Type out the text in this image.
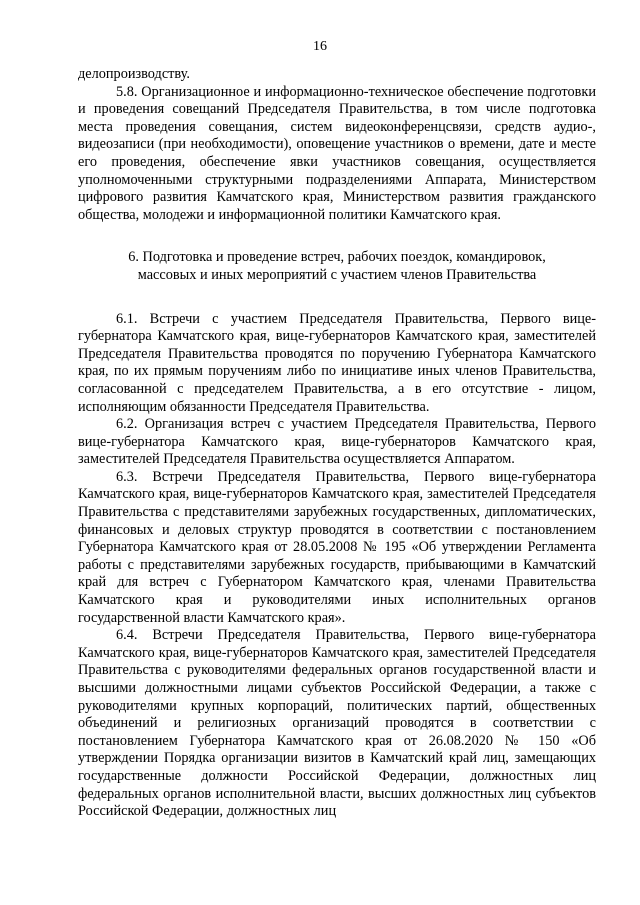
16

делопроизводству.

5.8. Организационное и информационно-техническое обеспечение подготовки и проведения совещаний Председателя Правительства, в том числе подготовка места проведения совещания, систем видеоконференцсвязи, средств аудио-, видеозаписи (при необходимости), оповещение участников о времени, дате и месте его проведения, обеспечение явки участников совещания, осуществляется уполномоченными структурными подразделениями Аппарата, Министерством цифрового развития Камчатского края, Министерством развития гражданского общества, молодежи и информационной политики Камчатского края.

6. Подготовка и проведение встреч, рабочих поездок, командировок,
массовых и иных мероприятий с участием членов Правительства

6.1. Встречи с участием Председателя Правительства, Первого вице-губернатора Камчатского края, вице-губернаторов Камчатского края, заместителей Председателя Правительства проводятся по поручению Губернатора Камчатского края, по их прямым поручениям либо по инициативе иных членов Правительства, согласованной с председателем Правительства, а в его отсутствие - лицом, исполняющим обязанности Председателя Правительства.

6.2. Организация встреч с участием Председателя Правительства, Первого вице-губернатора Камчатского края, вице-губернаторов Камчатского края, заместителей Председателя Правительства осуществляется Аппаратом.

6.3. Встречи Председателя Правительства, Первого вице-губернатора Камчатского края, вице-губернаторов Камчатского края, заместителей Председателя Правительства с представителями зарубежных государственных, дипломатических, финансовых и деловых структур проводятся в соответствии с постановлением Губернатора Камчатского края от 28.05.2008 № 195 «Об утверждении Регламента работы с представителями зарубежных государств, прибывающими в Камчатский край для встреч с Губернатором Камчатского края, членами Правительства Камчатского края и руководителями иных исполнительных органов государственной власти Камчатского края».

6.4. Встречи Председателя Правительства, Первого вице-губернатора Камчатского края, вице-губернаторов Камчатского края, заместителей Председателя Правительства с руководителями федеральных органов государственной власти и высшими должностными лицами субъектов Российской Федерации, а также с руководителями крупных корпораций, политических партий, общественных объединений и религиозных организаций проводятся в соответствии с постановлением Губернатора Камчатского края от 26.08.2020 № 150 «Об утверждении Порядка организации визитов в Камчатский край лиц, замещающих государственные должности Российской Федерации, должностных лиц федеральных органов исполнительной власти, высших должностных лиц субъектов Российской Федерации, должностных лиц
